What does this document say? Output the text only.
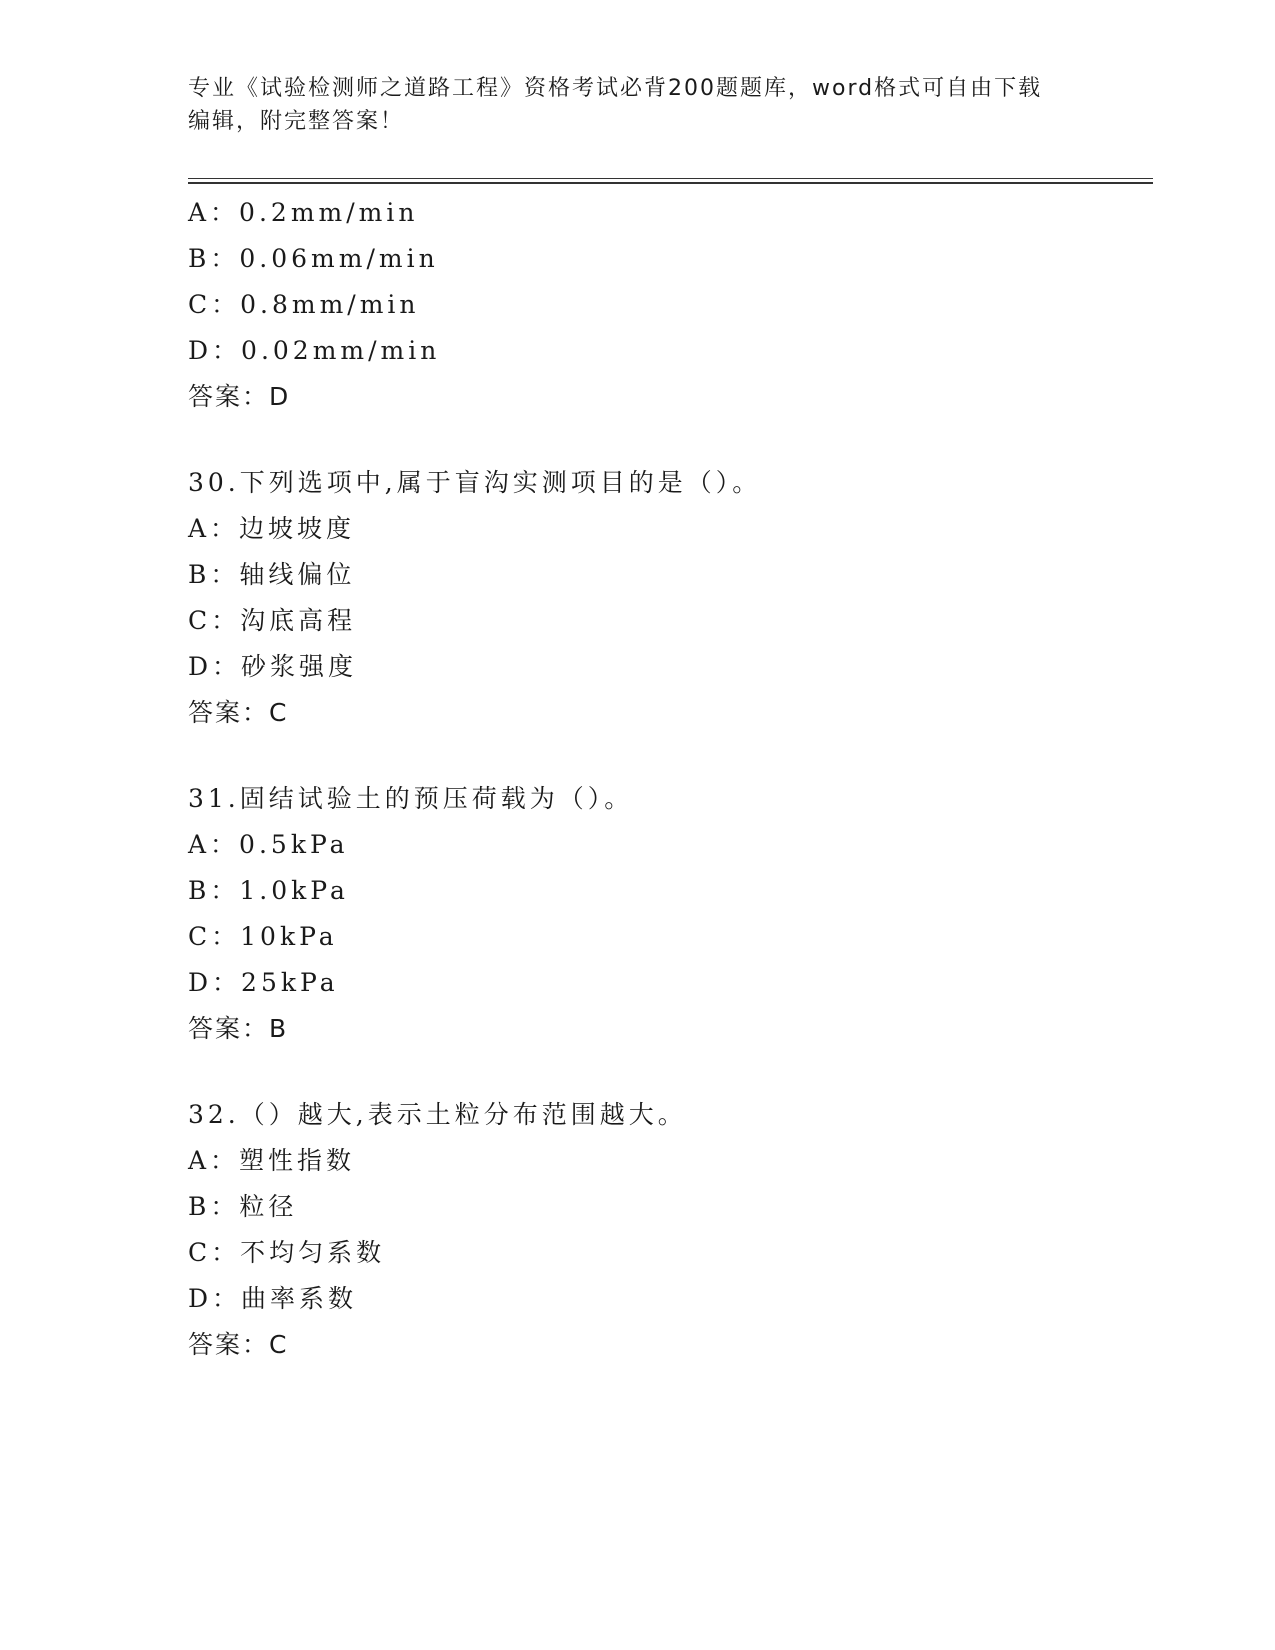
专业《试验检测师之道路工程》资格考试必背200题题库，word格式可自由下载
编辑，附完整答案！
A：0.2mm/min
B：0.06mm/min
C：0.8mm/min
D：0.02mm/min
答案：D
30.下列选项中,属于盲沟实测项目的是（）。
A：边坡坡度
B：轴线偏位
C：沟底高程
D：砂浆强度
答案：C
31.固结试验土的预压荷载为（）。
A：0.5kPa
B：1.0kPa
C：10kPa
D：25kPa
答案：B
32.（）越大,表示土粒分布范围越大。
A：塑性指数
B：粒径
C：不均匀系数
D：曲率系数
答案：C
